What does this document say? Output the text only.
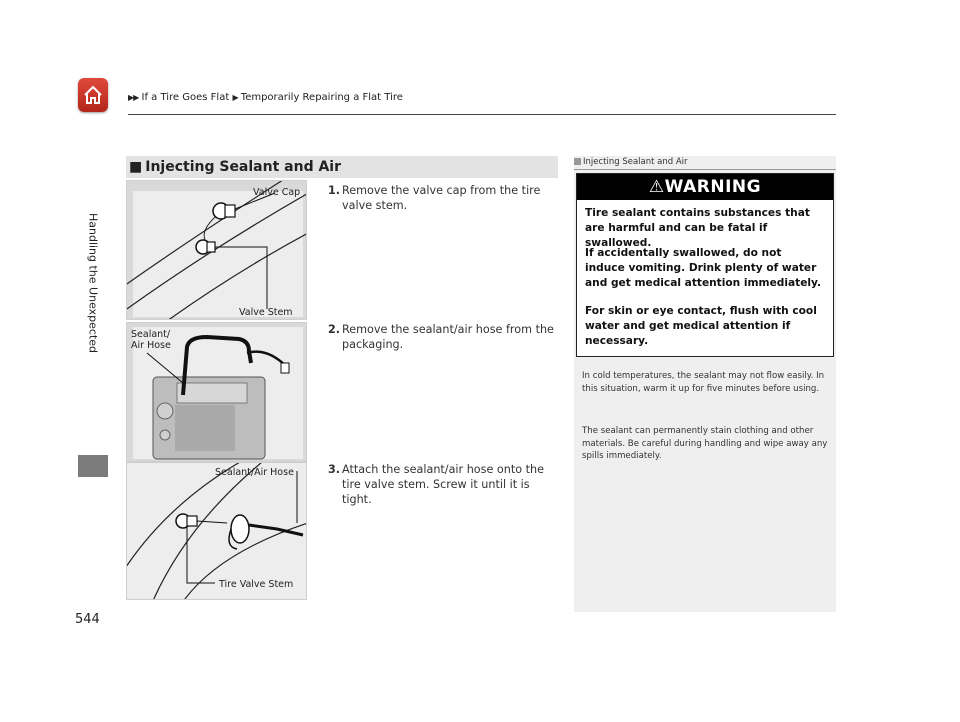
▶▶ If a Tire Goes Flat ▶ Temporarily Repairing a Flat Tire
Handling the Unexpected
544
■ Injecting Sealant and Air
Valve Cap
Valve Stem
Sealant/
Air Hose
Sealant/Air Hose
Tire Valve Stem
1. Remove the valve cap from the tire valve stem.
2. Remove the sealant/air hose from the packaging.
3. Attach the sealant/air hose onto the tire valve stem. Screw it until it is tight.
Injecting Sealant and Air
⚠WARNING
Tire sealant contains substances that are harmful and can be fatal if swallowed.
If accidentally swallowed, do not induce vomiting. Drink plenty of water and get medical attention immediately.
For skin or eye contact, flush with cool water and get medical attention if necessary.
In cold temperatures, the sealant may not flow easily. In this situation, warm it up for five minutes before using.
The sealant can permanently stain clothing and other materials. Be careful during handling and wipe away any spills immediately.
